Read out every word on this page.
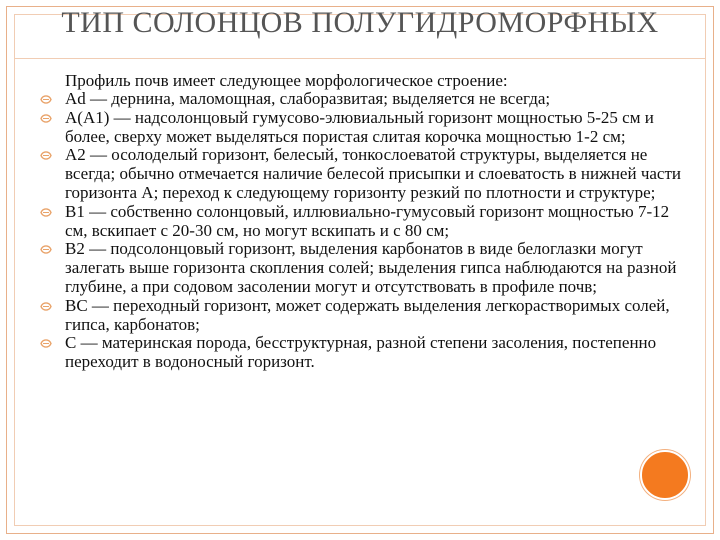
ТИП СОЛОНЦОВ ПОЛУГИДРОМОРФНЫХ
Профиль почв имеет следующее морфологическое строение:
Ad — дернина, маломощная, слаборазвитая; выделяется не всегда;
A(A1) — надсолонцовый гумусово-элювиальный горизонт мощностью 5-25 см и более, сверху может выделяться пористая слитая корочка мощностью 1-2 см;
A2 — осолоделый горизонт, белесый, тонкослоеватой структуры, выделяется не всегда; обычно отмечается наличие белесой присыпки и слоеватость в нижней части горизонта А; переход к следующему горизонту резкий по плотности и структуре;
B1 — собственно солонцовый, иллювиально-гумусовый горизонт мощностью 7-12 см, вскипает с 20-30 см, но могут вскипать и с 80 см;
B2 — подсолонцовый горизонт, выделения карбонатов в виде белоглазки могут залегать выше горизонта скопления солей; выделения гипса наблюдаются на разной глубине, а при содовом засолении могут и отсутствовать в профиле почв;
BC — переходный горизонт, может содержать выделения легкорастворимых солей, гипса, карбонатов;
C — материнская порода, бесструктурная, разной степени засоления, постепенно переходит в водоносный горизонт.
